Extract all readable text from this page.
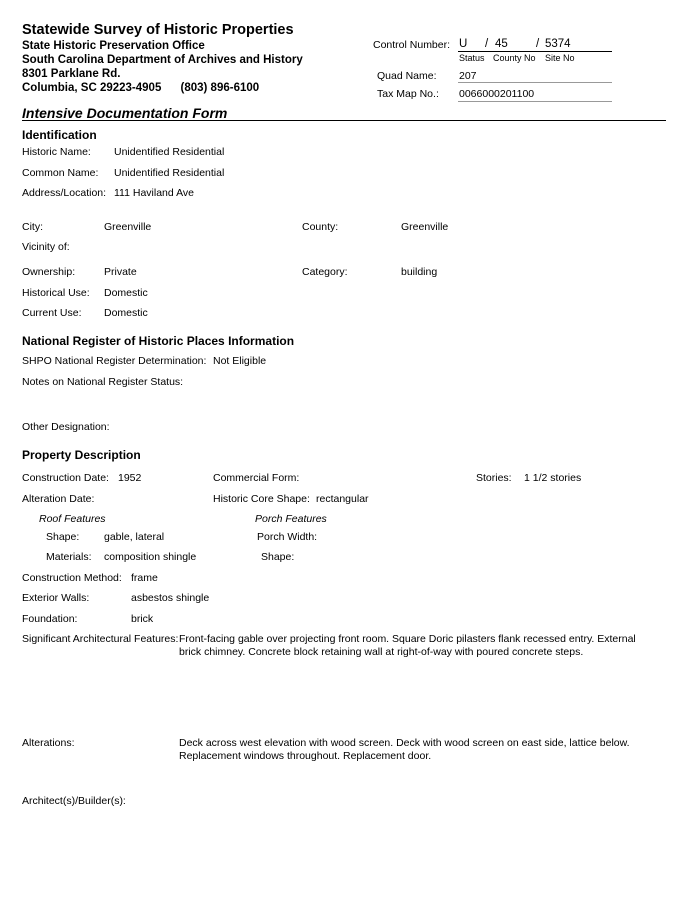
Statewide Survey of Historic Properties
State Historic Preservation Office
South Carolina Department of Archives and History
8301 Parklane Rd.
Columbia, SC 29223-4905      (803) 896-6100
Control Number: U / 45 / 5374
Status County No Site No
Quad Name: 207
Tax Map No.: 0066000201100
Intensive Documentation Form
Identification
Historic Name: Unidentified Residential
Common Name: Unidentified Residential
Address/Location: 111 Haviland Ave
City:	Greenville	County:	Greenville
Vicinity of:
Ownership:	Private	Category:	building
Historical Use: Domestic
Current Use: Domestic
National Register of Historic Places Information
SHPO National Register Determination: Not Eligible
Notes on National Register Status:
Other Designation:
Property Description
Construction Date: 1952	Commercial Form:	Stories: 1 1/2 stories
Alteration Date:	Historic Core Shape: rectangular
Roof Features	Porch Features
Shape: gable, lateral	Porch Width:
Materials: composition shingle	Shape:
Construction Method: frame
Exterior Walls:	asbestos shingle
Foundation:	brick
Significant Architectural Features: Front-facing gable over projecting front room. Square Doric pilasters flank recessed entry. External brick chimney. Concrete block retaining wall at right-of-way with poured concrete steps.
Alterations:	Deck across west elevation with wood screen. Deck with wood screen on east side, lattice below. Replacement windows throughout. Replacement door.
Architect(s)/Builder(s):
